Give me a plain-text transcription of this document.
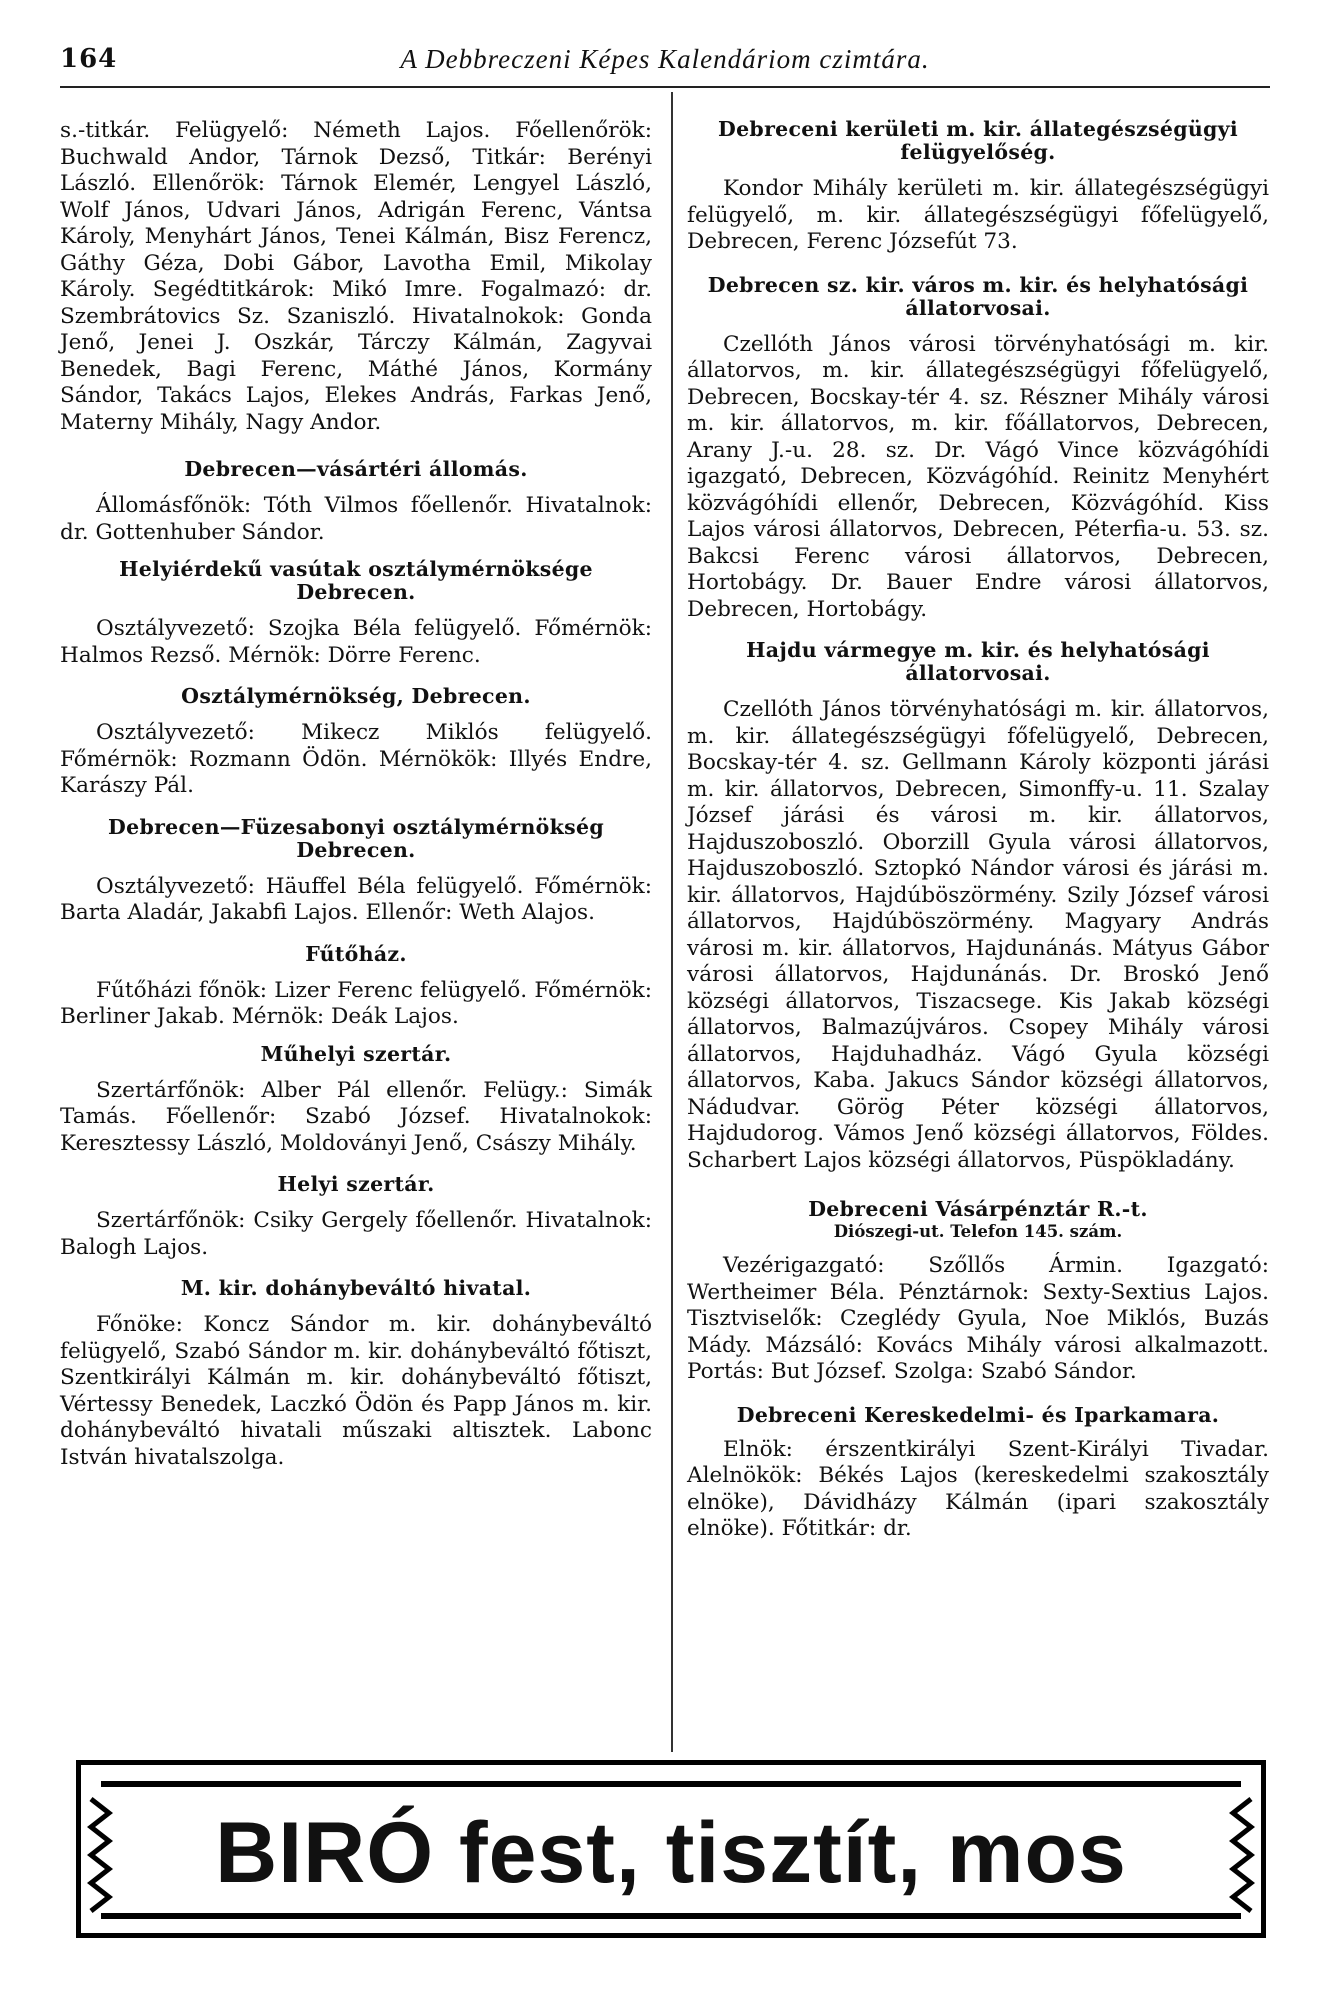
164	A Debbreczeni Képes Kalendáriom czimtára.

s.-titkár. Felügyelő: Németh Lajos. Főellenőrök: Buchwald Andor, Tárnok Dezső, Titkár: Berényi László. Ellenőrök: Tárnok Elemér, Lengyel László, Wolf János, Udvari János, Adrigán Ferenc, Vántsa Károly, Menyhárt János, Tenei Kálmán, Bisz Ferencz, Gáthy Géza, Dobi Gábor, Lavotha Emil, Mikolay Károly. Segédtitkárok: Mikó Imre. Fogalmazó: dr. Szembrátovics Sz. Szaniszló. Hivatalnokok: Gonda Jenő, Jenei J. Oszkár, Tárczy Kálmán, Zagyvai Benedek, Bagi Ferenc, Máthé János, Kormány Sándor, Takács Lajos, Elekes András, Farkas Jenő, Materny Mihály, Nagy Andor.

Debrecen—vásártéri állomás.

Állomásfőnök: Tóth Vilmos főellenőr. Hivatalnok: dr. Gottenhuber Sándor.

Helyiérdekű vasútak osztálymérnöksége Debrecen.

Osztályvezető: Szojka Béla felügyelő. Főmérnök: Halmos Rezső. Mérnök: Dörre Ferenc.

Osztálymérnökség, Debrecen.

Osztályvezető: Mikecz Miklós felügyelő. Főmérnök: Rozmann Ödön. Mérnökök: Illyés Endre, Karászy Pál.

Debrecen—Füzesabonyi osztálymérnökség Debrecen.

Osztályvezető: Häuffel Béla felügyelő. Főmérnök: Barta Aladár, Jakabfi Lajos. Ellenőr: Weth Alajos.

Fűtőház.

Fűtőházi főnök: Lizer Ferenc felügyelő. Főmérnök: Berliner Jakab. Mérnök: Deák Lajos.

Műhelyi szertár.

Szertárfőnök: Alber Pál ellenőr. Felügy.: Simák Tamás. Főellenőr: Szabó József. Hivatalnokok: Keresztessy László, Moldoványi Jenő, Császy Mihály.

Helyi szertár.

Szertárfőnök: Csiky Gergely főellenőr. Hivatalnok: Balogh Lajos.

M. kir. dohánybeváltó hivatal.

Főnöke: Koncz Sándor m. kir. dohánybeváltó felügyelő, Szabó Sándor m. kir. dohánybeváltó főtiszt, Szentkirályi Kálmán m. kir. dohánybeváltó főtiszt, Vértessy Benedek, Laczkó Ödön és Papp János m. kir. dohánybeváltó hivatali műszaki altisztek. Labonc István hivatalszolga.

Debreceni kerületi m. kir. állategészségügyi felügyelőség.

Kondor Mihály kerületi m. kir. állategészségügyi felügyelő, m. kir. állategészségügyi főfelügyelő, Debrecen, Ferenc Józsefút 73.

Debrecen sz. kir. város m. kir. és helyhatósági állatorvosai.

Czellóth János városi törvényhatósági m. kir. állatorvos, m. kir. állategészségügyi főfelügyelő, Debrecen, Bocskay-tér 4. sz. Részner Mihály városi m. kir. állatorvos, m. kir. főállatorvos, Debrecen, Arany J.-u. 28. sz. Dr. Vágó Vince közvágóhídi igazgató, Debrecen, Közvágóhíd. Reinitz Menyhért közvágóhídi ellenőr, Debrecen, Közvágóhíd. Kiss Lajos városi állatorvos, Debrecen, Péterfia-u. 53. sz. Bakcsi Ferenc városi állatorvos, Debrecen, Hortobágy. Dr. Bauer Endre városi állatorvos, Debrecen, Hortobágy.

Hajdu vármegye m. kir. és helyhatósági állatorvosai.

Czellóth János törvényhatósági m. kir. állatorvos, m. kir. állategészségügyi főfelügyelő, Debrecen, Bocskay-tér 4. sz. Gellmann Károly központi járási m. kir. állatorvos, Debrecen, Simonffy-u. 11. Szalay József járási és városi m. kir. állatorvos, Hajduszoboszló. Oborzill Gyula városi állatorvos, Hajduszoboszló. Sztopkó Nándor városi és járási m. kir. állatorvos, Hajdúböszörmény. Szily József városi állatorvos, Hajdúböszörmény. Magyary András városi m. kir. állatorvos, Hajdunánás. Mátyus Gábor városi állatorvos, Hajdunánás. Dr. Broskó Jenő községi állatorvos, Tiszacsege. Kis Jakab községi állatorvos, Balmazújváros. Csopey Mihály városi állatorvos, Hajduhadház. Vágó Gyula községi állatorvos, Kaba. Jakucs Sándor községi állatorvos, Nádudvar. Görög Péter községi állatorvos, Hajdudorog. Vámos Jenő községi állatorvos, Földes. Scharbert Lajos községi állatorvos, Püspökladány.

Debreceni Vásárpénztár R.-t.

Diószegi-ut. Telefon 145. szám.

Vezérigazgató: Szőllős Ármin. Igazgató: Wertheimer Béla. Pénztárnok: Sexty-Sextius Lajos. Tisztviselők: Czeglédy Gyula, Noe Miklós, Buzás Mády. Mázsáló: Kovács Mihály városi alkalmazott. Portás: But József. Szolga: Szabó Sándor.

Debreceni Kereskedelmi- és Iparkamara.

Elnök: érszentkirályi Szent-Királyi Tivadar. Alelnökök: Békés Lajos (kereskedelmi szakosztály elnöke), Dávidházy Kálmán (ipari szakosztály elnöke). Főtitkár: dr.

BIRÓ fest, tisztít, mos
